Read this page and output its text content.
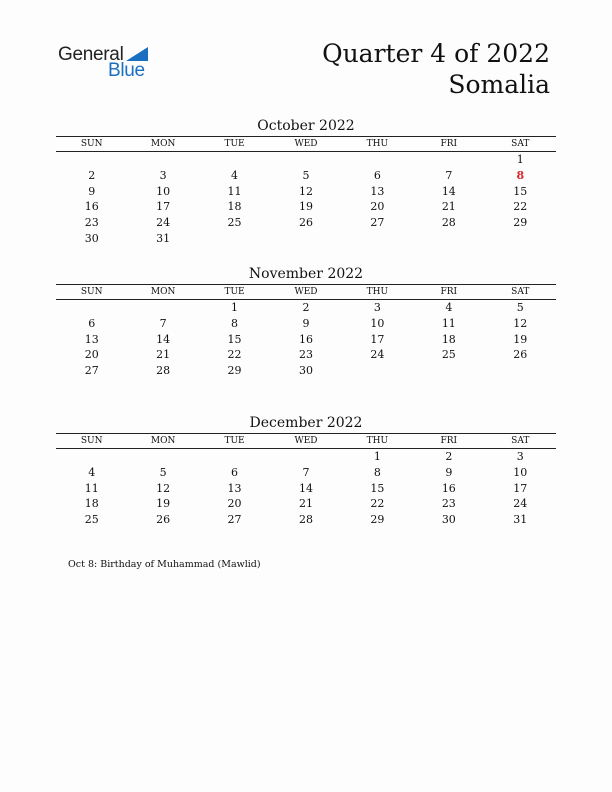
General
Blue
Quarter 4 of 2022
Somalia
October 2022
SUN	MON	TUE	WED	THU	FRI	SAT
						1
2	3	4	5	6	7	8
9	10	11	12	13	14	15
16	17	18	19	20	21	22
23	24	25	26	27	28	29
30	31					
November 2022
SUN	MON	TUE	WED	THU	FRI	SAT
		1	2	3	4	5
6	7	8	9	10	11	12
13	14	15	16	17	18	19
20	21	22	23	24	25	26
27	28	29	30			
December 2022
SUN	MON	TUE	WED	THU	FRI	SAT
				1	2	3
4	5	6	7	8	9	10
11	12	13	14	15	16	17
18	19	20	21	22	23	24
25	26	27	28	29	30	31
Oct 8: Birthday of Muhammad (Mawlid)
